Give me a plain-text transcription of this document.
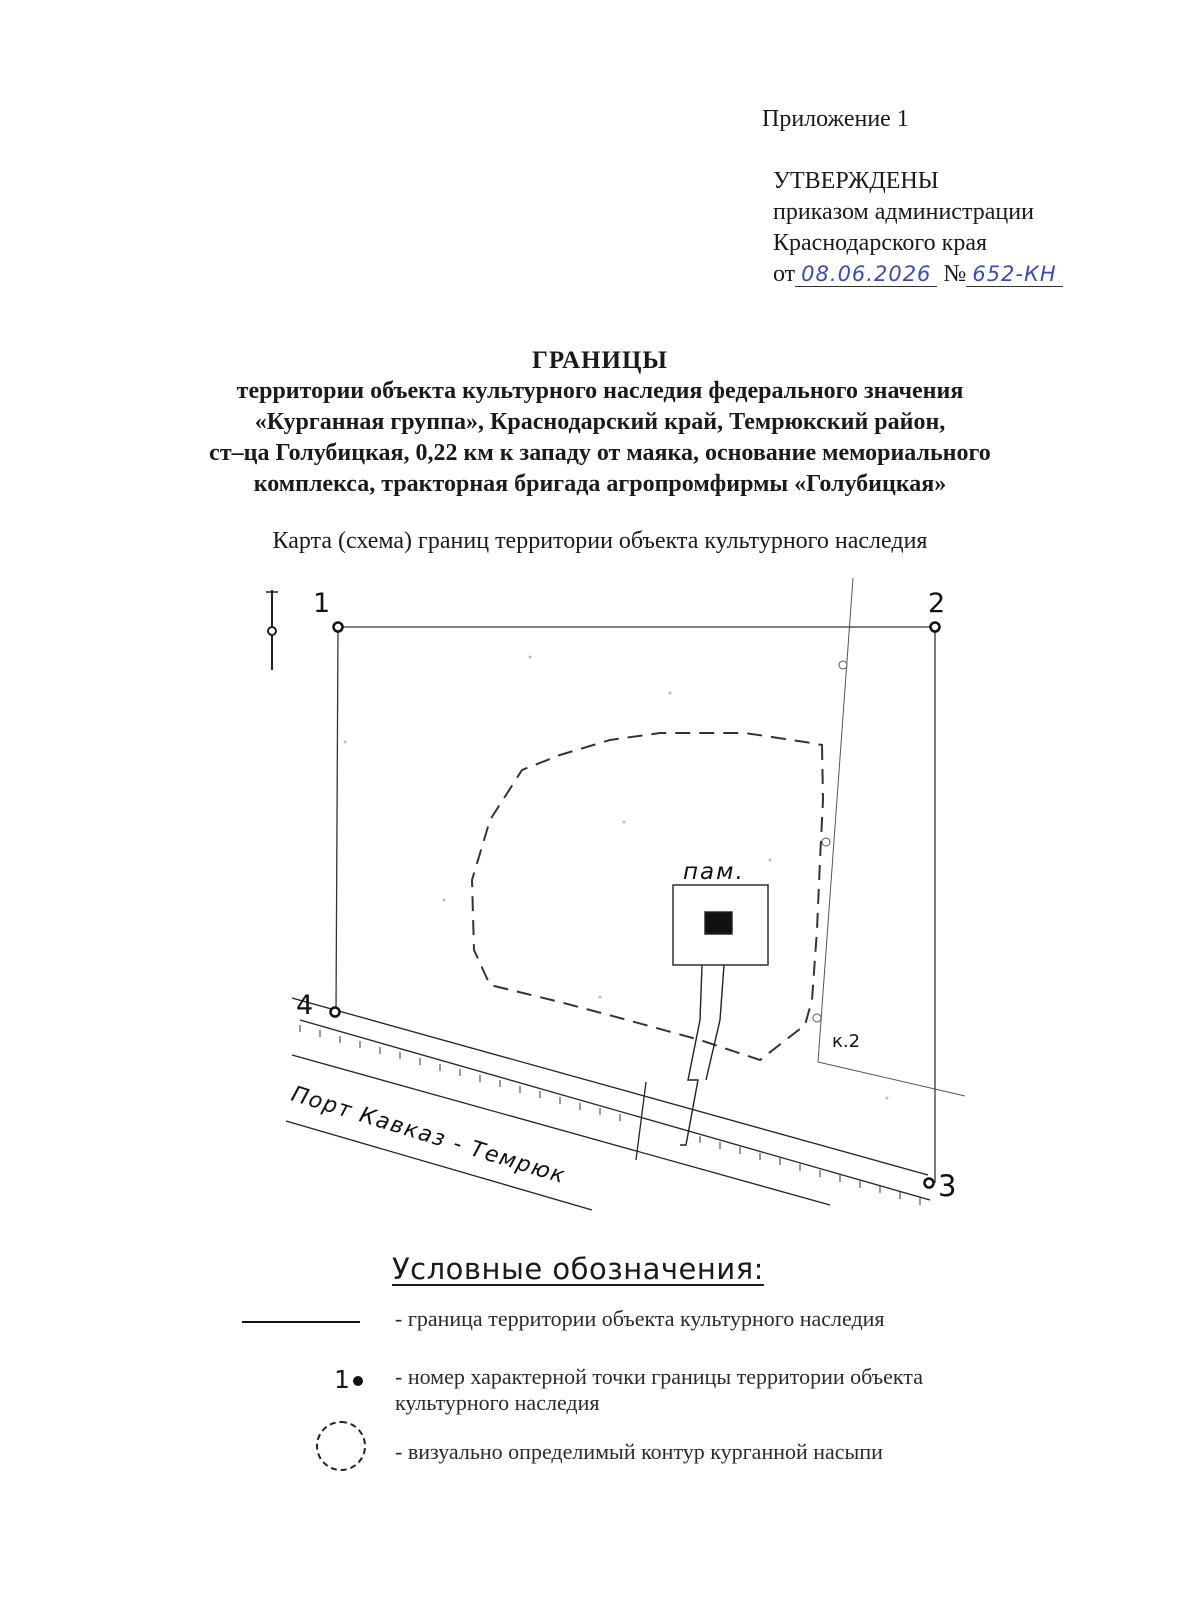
Приложение 1
УТВЕРЖДЕНЫ
приказом администрации
Краснодарского края
от 08.06.2026 № 652-КН
ГРАНИЦЫ
территории объекта культурного наследия федерального значения
«Курганная группа», Краснодарский край, Темрюкский район,
ст–ца Голубицкая, 0,22 км к западу от маяка, основание мемориального
комплекса, тракторная бригада агропромфирмы «Голубицкая»
Карта (схема) границ территории объекта культурного наследия
1	2
3
4
пам.
к.2
Порт Кавказ - Темрюк
Условные обозначения:
- граница территории объекта культурного наследия
1	- номер характерной точки границы территории объекта культурного наследия
- визуально определимый контур курганной насыпи
